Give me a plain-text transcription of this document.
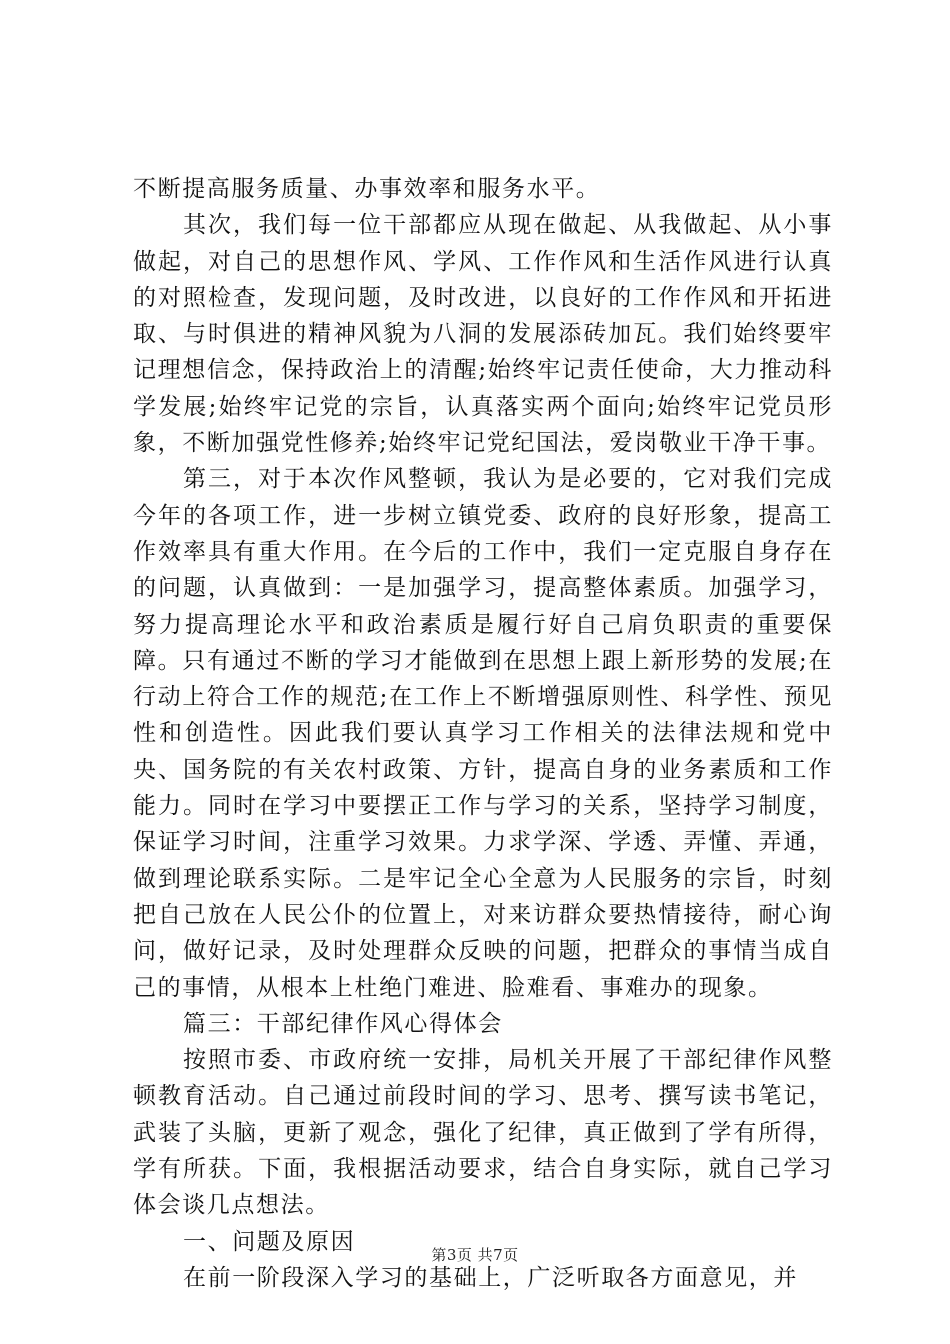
不断提高服务质量、办事效率和服务水平。

其次，我们每一位干部都应从现在做起、从我做起、从小事做起，对自己的思想作风、学风、工作作风和生活作风进行认真的对照检查，发现问题，及时改进，以良好的工作作风和开拓进取、与时俱进的精神风貌为八洞的发展添砖加瓦。我们始终要牢记理想信念，保持政治上的清醒;始终牢记责任使命，大力推动科学发展;始终牢记党的宗旨，认真落实两个面向;始终牢记党员形象，不断加强党性修养;始终牢记党纪国法，爱岗敬业干净干事。

第三，对于本次作风整顿，我认为是必要的，它对我们完成今年的各项工作，进一步树立镇党委、政府的良好形象，提高工作效率具有重大作用。在今后的工作中，我们一定克服自身存在的问题，认真做到：一是加强学习，提高整体素质。加强学习，努力提高理论水平和政治素质是履行好自己肩负职责的重要保障。只有通过不断的学习才能做到在思想上跟上新形势的发展;在行动上符合工作的规范;在工作上不断增强原则性、科学性、预见性和创造性。因此我们要认真学习工作相关的法律法规和党中央、国务院的有关农村政策、方针，提高自身的业务素质和工作能力。同时在学习中要摆正工作与学习的关系，坚持学习制度，保证学习时间，注重学习效果。力求学深、学透、弄懂、弄通，做到理论联系实际。二是牢记全心全意为人民服务的宗旨，时刻把自己放在人民公仆的位置上，对来访群众要热情接待，耐心询问，做好记录，及时处理群众反映的问题，把群众的事情当成自己的事情，从根本上杜绝门难进、脸难看、事难办的现象。

篇三：干部纪律作风心得体会

按照市委、市政府统一安排，局机关开展了干部纪律作风整顿教育活动。自己通过前段时间的学习、思考、撰写读书笔记，武装了头脑，更新了观念，强化了纪律，真正做到了学有所得，学有所获。下面，我根据活动要求，结合自身实际，就自己学习体会谈几点想法。

一、问题及原因

在前一阶段深入学习的基础上，广泛听取各方面意见，并

第3页 共7页
